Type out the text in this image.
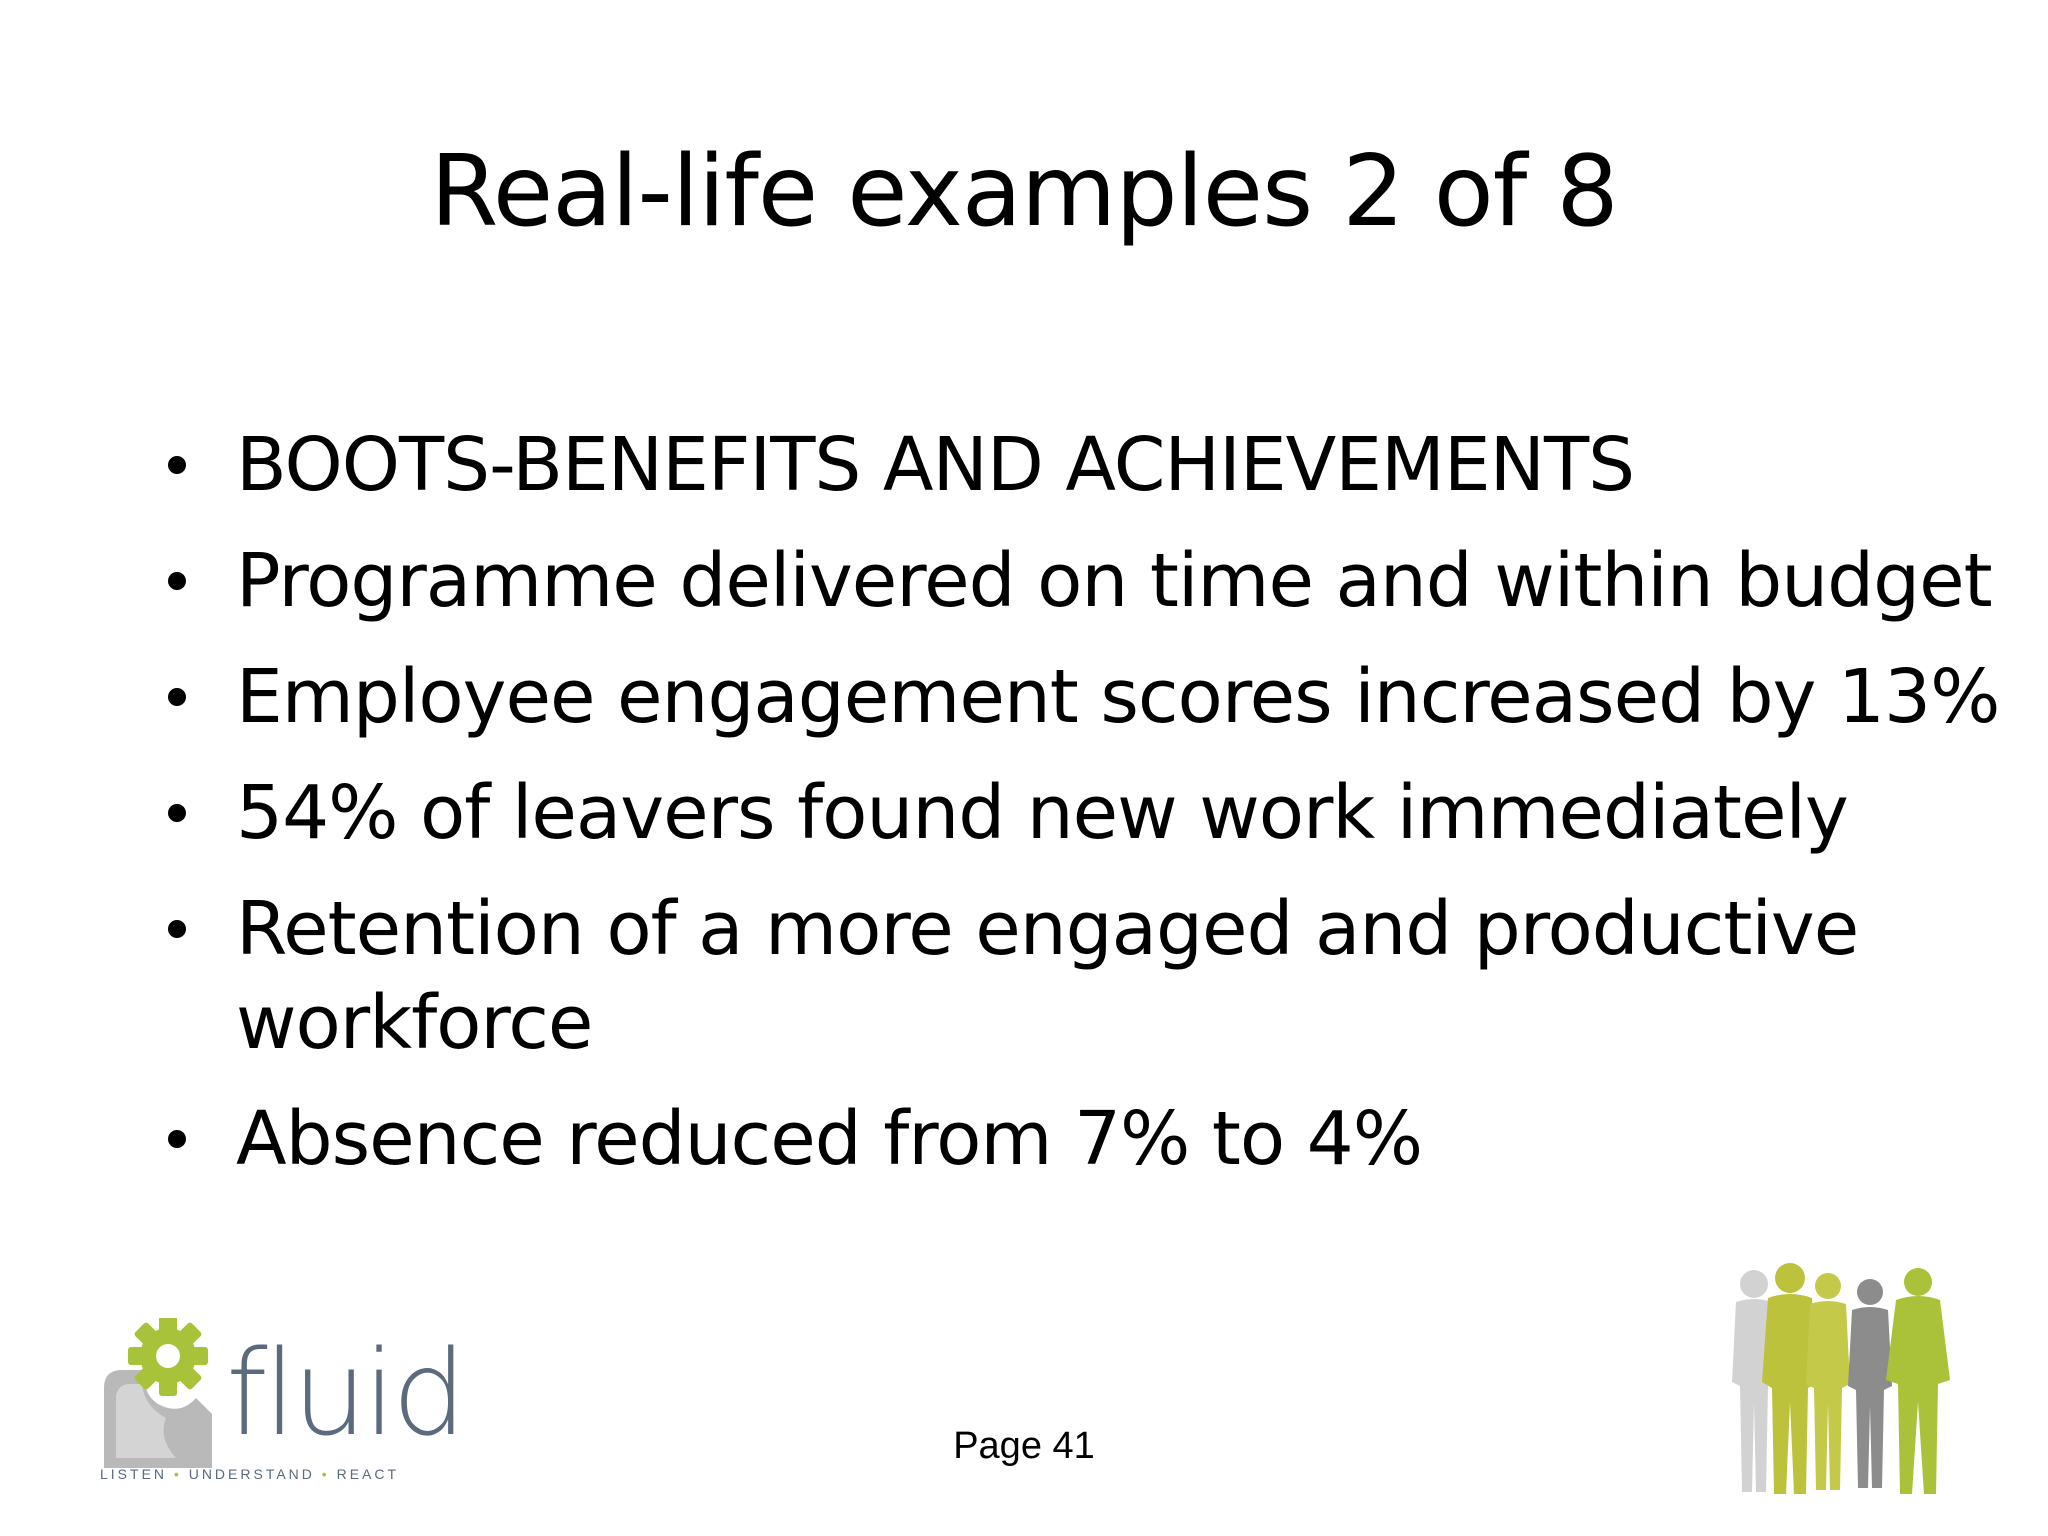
Real-life examples 2 of 8
BOOTS-BENEFITS AND ACHIEVEMENTS
Programme delivered on time and within budget
Employee engagement scores increased by 13%
54% of leavers found new work immediately
Retention of a more engaged and productive workforce
Absence reduced from 7% to 4%
fluid
LISTEN • UNDERSTAND • REACT
Page 41
